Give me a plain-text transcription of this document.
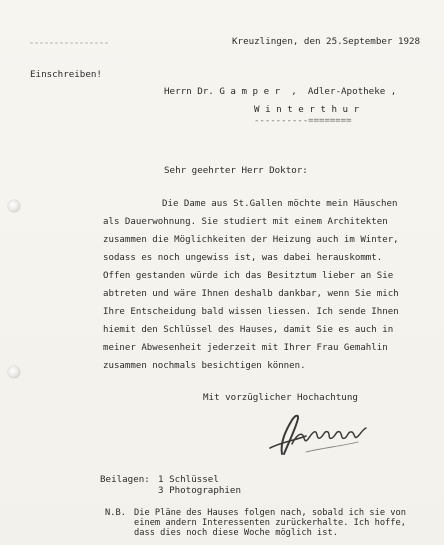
Kreuzlingen, den 25.September 1928
Einschreiben!
Herrn Dr. G a m p e r  ,  Adler-Apotheke ,
W i n t e r t h u r
----------========
Sehr geehrter Herr Doktor:
Die Dame aus St.Gallen möchte mein Häuschen
als Dauerwohnung. Sie studiert mit einem Architekten
zusammen die Möglichkeiten der Heizung auch im Winter,
sodass es noch ungewiss ist, was dabei herauskommt.
Offen gestanden würde ich das Besitztum lieber an Sie
abtreten und wäre Ihnen deshalb dankbar, wenn Sie mich
Ihre Entscheidung bald wissen liessen. Ich sende Ihnen
hiemit den Schlüssel des Hauses, damit Sie es auch in
meiner Abwesenheit jederzeit mit Ihrer Frau Gemahlin
zusammen nochmals besichtigen können.
Mit vorzüglicher Hochachtung
Beilagen: 1 Schlüssel
3 Photographien
N.B. Die Pläne des Hauses folgen nach, sobald ich sie von
einem andern Interessenten zurückerhalte. Ich hoffe,
dass dies noch diese Woche möglich ist.
